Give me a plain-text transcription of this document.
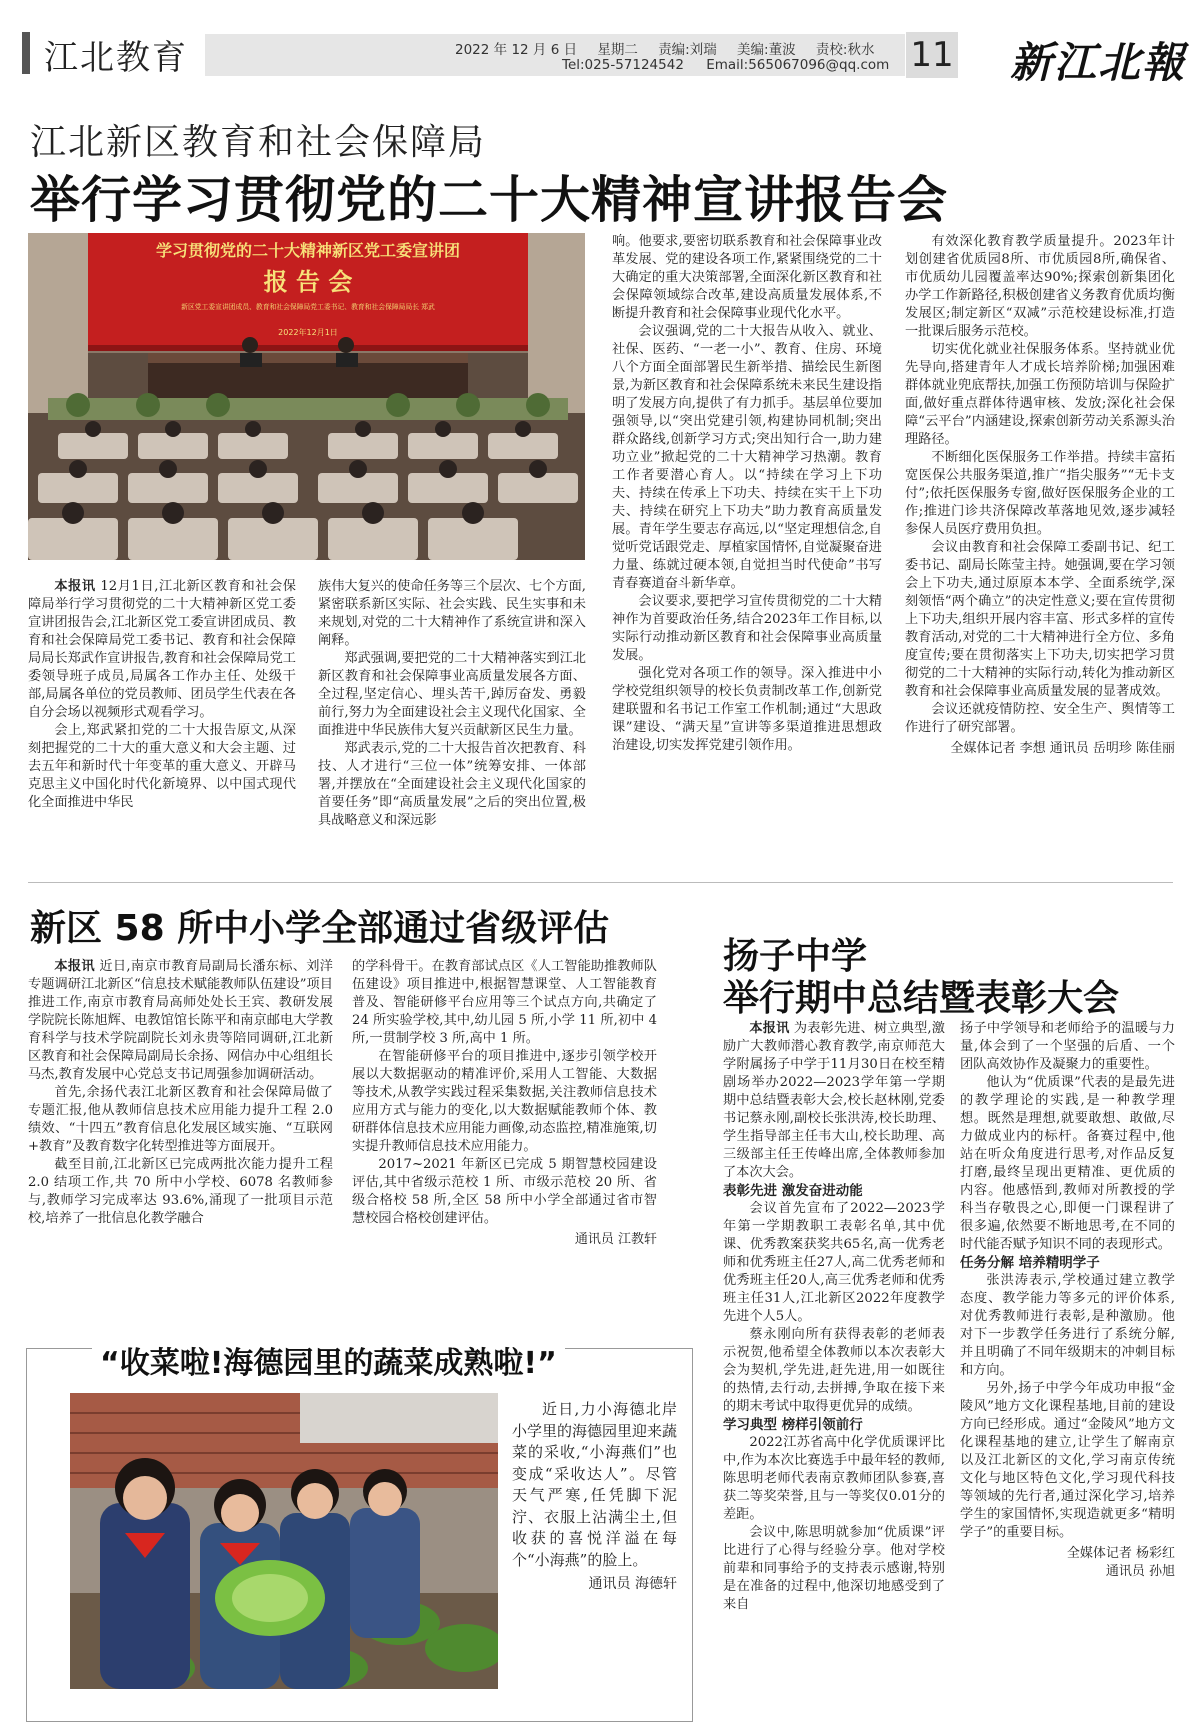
江北教育	2022 年 12 月 6 日 星期二 责编:刘瑞 美编:董波 责校:秋水
Tel:025-57124542 Email:565067096@qq.com 11 新江北報
江北新区教育和社会保障局
举行学习贯彻党的二十大精神宣讲报告会
学习贯彻党的二十大精神新区党工委宣讲团
报 告 会
新区党工委宣讲团成员、教育和社会保障局党工委书记、教育和社会保障局局长 郑武
2022年12月1日

本报讯 12月1日,江北新区教育和社会保障局举行学习贯彻党的二十大精神新区党工委宣讲团报告会,江北新区党工委宣讲团成员、教育和社会保障局党工委书记、教育和社会保障局局长郑武作宣讲报告,教育和社会保障局党工委领导班子成员,局属各工作办主任、处级干部,局属各单位的党员教师、团员学生代表在各自分会场以视频形式观看学习。

会上,郑武紧扣党的二十大报告原文,从深刻把握党的二十大的重大意义和大会主题、过去五年和新时代十年变革的重大意义、开辟马克思主义中国化时代化新境界、以中国式现代化全面推进中华民

族伟大复兴的使命任务等三个层次、七个方面,紧密联系新区实际、社会实践、民生实事和未来规划,对党的二十大精神作了系统宣讲和深入阐释。

郑武强调,要把党的二十大精神落实到江北新区教育和社会保障事业高质量发展各方面、全过程,坚定信心、埋头苦干,踔厉奋发、勇毅前行,努力为全面建设社会主义现代化国家、全面推进中华民族伟大复兴贡献新区民生力量。

郑武表示,党的二十大报告首次把教育、科技、人才进行“三位一体”统筹安排、一体部署,并摆放在“全面建设社会主义现代化国家的首要任务”即“高质量发展”之后的突出位置,极具战略意义和深远影

响。他要求,要密切联系教育和社会保障事业改革发展、党的建设各项工作,紧紧围绕党的二十大确定的重大决策部署,全面深化新区教育和社会保障领域综合改革,建设高质量发展体系,不断提升教育和社会保障事业现代化水平。

会议强调,党的二十大报告从收入、就业、社保、医药、“一老一小”、教育、住房、环境八个方面全面部署民生新举措、描绘民生新图景,为新区教育和社会保障系统未来民生建设指明了发展方向,提供了有力抓手。基层单位要加强领导,以“突出党建引领,构建协同机制;突出群众路线,创新学习方式;突出知行合一,助力建功立业”掀起党的二十大精神学习热潮。教育工作者要潜心育人。以“持续在学习上下功夫、持续在传承上下功夫、持续在实干上下功夫、持续在研究上下功夫”助力教育高质量发展。青年学生要志存高远,以“坚定理想信念,自觉听党话跟党走、厚植家国情怀,自觉凝聚奋进力量、练就过硬本领,自觉担当时代使命”书写青春赛道奋斗新华章。

会议要求,要把学习宣传贯彻党的二十大精神作为首要政治任务,结合2023年工作目标,以实际行动推动新区教育和社会保障事业高质量发展。

强化党对各项工作的领导。深入推进中小学校党组织领导的校长负责制改革工作,创新党建联盟和名书记工作室工作机制;通过“大思政课”建设、“满天星”宣讲等多渠道推进思想政治建设,切实发挥党建引领作用。

有效深化教育教学质量提升。2023年计划创建省优质园8所、市优质园8所,确保省、市优质幼儿园覆盖率达90%;探索创新集团化办学工作新路径,积极创建省义务教育优质均衡发展区;制定新区“双减”示范校建设标准,打造一批课后服务示范校。

切实优化就业社保服务体系。坚持就业优先导向,搭建青年人才成长培养阶梯;加强困难群体就业兜底帮扶,加强工伤预防培训与保险扩面,做好重点群体待遇审核、发放;深化社会保障“云平台”内涵建设,探索创新劳动关系源头治理路径。

不断细化医保服务工作举措。持续丰富拓宽医保公共服务渠道,推广“指尖服务”“无卡支付”;依托医保服务专窗,做好医保服务企业的工作;推进门诊共济保障改革落地见效,逐步减轻参保人员医疗费用负担。

会议由教育和社会保障工委副书记、纪工委书记、副局长陈莹主持。她强调,要在学习领会上下功夫,通过原原本本学、全面系统学,深刻领悟“两个确立”的决定性意义;要在宣传贯彻上下功夫,组织开展内容丰富、形式多样的宣传教育活动,对党的二十大精神进行全方位、多角度宣传;要在贯彻落实上下功夫,切实把学习贯彻党的二十大精神的实际行动,转化为推动新区教育和社会保障事业高质量发展的显著成效。

会议还就疫情防控、安全生产、舆情等工作进行了研究部署。

全媒体记者 李想 通讯员 岳明珍 陈佳丽
新区 58 所中小学全部通过省级评估

本报讯 近日,南京市教育局副局长潘东标、刘洋专题调研江北新区“信息技术赋能教师队伍建设”项目推进工作,南京市教育局高师处处长王宾、教研发展学院院长陈旭辉、电教馆馆长陈平和南京邮电大学教育科学与技术学院副院长刘永贵等陪同调研,江北新区教育和社会保障局副局长余扬、网信办中心组组长马杰,教育发展中心党总支书记周强参加调研活动。

首先,余扬代表江北新区教育和社会保障局做了专题汇报,他从教师信息技术应用能力提升工程 2.0 绩效、“十四五”教育信息化发展区域实施、“互联网+教育”及教育数字化转型推进等方面展开。

截至目前,江北新区已完成两批次能力提升工程 2.0 结项工作,共 70 所中小学校、6078 名教师参与,教师学习完成率达 93.6%,涌现了一批项目示范校,培养了一批信息化教学融合

的学科骨干。在教育部试点区《人工智能助推教师队伍建设》项目推进中,根据智慧课堂、人工智能教育普及、智能研修平台应用等三个试点方向,共确定了 24 所实验学校,其中,幼儿园 5 所,小学 11 所,初中 4 所,一贯制学校 3 所,高中 1 所。

在智能研修平台的项目推进中,逐步引领学校开展以大数据驱动的精准评价,采用人工智能、大数据等技术,从教学实践过程采集数据,关注教师信息技术应用方式与能力的变化,以大数据赋能教师个体、教研群体信息技术应用能力画像,动态监控,精准施策,切实提升教师信息技术应用能力。

2017~2021 年新区已完成 5 期智慧校园建设评估,其中省级示范校 1 所、市级示范校 20 所、省级合格校 58 所,全区 58 所中小学全部通过省市智慧校园合格校创建评估。

通讯员 江教轩
扬子中学
举行期中总结暨表彰大会

本报讯 为表彰先进、树立典型,激励广大教师潜心教育教学,南京师范大学附属扬子中学于11月30日在校至精剧场举办2022—2023学年第一学期期中总结暨表彰大会,校长赵林刚,党委书记蔡永刚,副校长张洪涛,校长助理、学生指导部主任韦大山,校长助理、高三级部主任王传峰出席,全体教师参加了本次大会。

表彰先进 激发奋进动能

会议首先宣布了2022—2023学年第一学期教职工表彰名单,其中优课、优秀教案获奖共65名,高一优秀老师和优秀班主任27人,高二优秀老师和优秀班主任20人,高三优秀老师和优秀班主任31人,江北新区2022年度教学先进个人5人。

蔡永刚向所有获得表彰的老师表示祝贺,他希望全体教师以本次表彰大会为契机,学先进,赶先进,用一如既往的热情,去行动,去拼搏,争取在接下来的期末考试中取得更优异的成绩。

学习典型 榜样引领前行

2022江苏省高中化学优质课评比中,作为本次比赛选手中最年轻的教师,陈思明老师代表南京教师团队参赛,喜获二等奖荣誉,且与一等奖仅0.01分的差距。

会议中,陈思明就参加“优质课”评比进行了心得与经验分享。他对学校前辈和同事给予的支持表示感谢,特别是在准备的过程中,他深切地感受到了来自

扬子中学领导和老师给予的温暖与力量,体会到了一个坚强的后盾、一个团队高效协作及凝聚力的重要性。

他认为“优质课”代表的是最先进的教学理论的实践,是一种教学理想。既然是理想,就要敢想、敢做,尽力做成业内的标杆。备赛过程中,他站在听众角度进行思考,对作品反复打磨,最终呈现出更精准、更优质的内容。他感悟到,教师对所教授的学科当存敬畏之心,即便一门课程讲了很多遍,依然要不断地思考,在不同的时代能否赋予知识不同的表现形式。

任务分解 培养精明学子

张洪涛表示,学校通过建立教学态度、教学能力等多元的评价体系,对优秀教师进行表彰,是种激励。他对下一步教学任务进行了系统分解,并且明确了不同年级期末的冲刺目标和方向。

另外,扬子中学今年成功申报“金陵风”地方文化课程基地,目前的建设方向已经形成。通过“金陵风”地方文化课程基地的建立,让学生了解南京以及江北新区的文化,学习南京传统文化与地区特色文化,学习现代科技等领域的先行者,通过深化学习,培养学生的家国情怀,实现造就更多“精明学子”的重要目标。

全媒体记者 杨彩红
通讯员 孙旭
“收菜啦!海德园里的蔬菜成熟啦!”

近日,力小海德北岸小学里的海德园里迎来蔬菜的采收,“小海燕们”也变成“采收达人”。尽管天气严寒,任凭脚下泥泞、衣服上沾满尘土,但收获的喜悦洋溢在每个“小海燕”的脸上。

通讯员 海德轩
